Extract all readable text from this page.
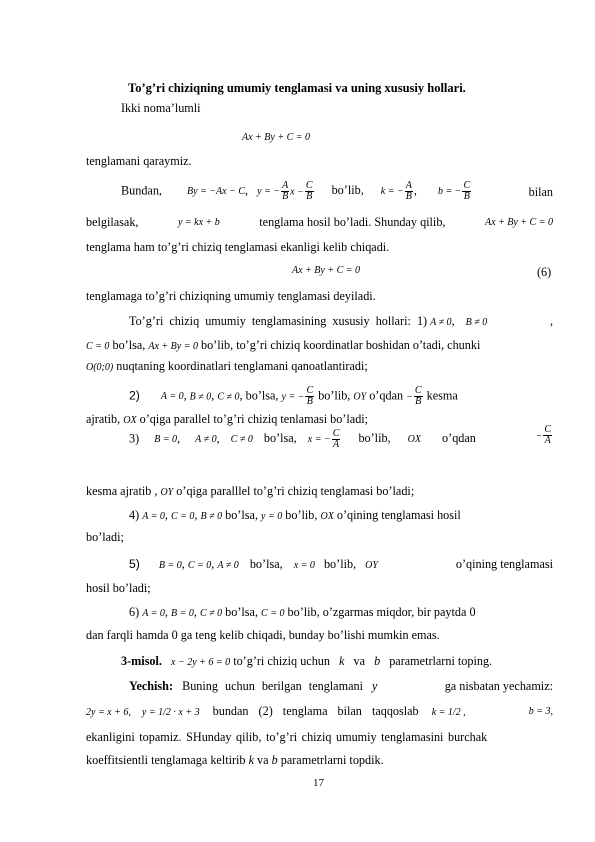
To’g’ri chiziqning umumiy tenglamasi va uning xususiy hollari.
Ikki noma’lumli
Ax + By + C = 0
tenglamani qaraymiz.
Bundan,	By = −Ax − C, y = − $\frac{A}{B}$ $x - \frac{C}{B}$ bo’lib, k = − $\frac{A}{B}$ , b = − $\frac{C}{B}$	bilan
belgilasak,	y = kx + b	tenglama hosil bo’ladi. Shunday qilib,	Ax + By + C = 0
tenglama ham to’g’ri chiziq tenglamasi ekanligi kelib chiqadi.
Ax + By + C = 0	(6)
tenglamaga to’g’ri chiziqning umumiy tenglamasi deyiladi.
To’g’ri chiziq umumiy tenglamasining xususiy hollari: 1) A ≠ 0, B ≠ 0	,
C = 0 bo’lsa, Ax + By = 0 bo’lib, to’g’ri chiziq koordinatlar boshidan o’tadi, chunki
O(0;0) nuqtaning koordinatlari tenglamani qanoatlantiradi;
2) A = 0, B ≠ 0, C ≠ 0, bo’lsa, y = − $\frac{C}{B}$ bo’lib, OY o’qdan − $\frac{C}{B}$ kesma
ajratib, OX o’qiga parallel to’g’ri chiziq tenlamasi bo’ladi;
3) B = 0, A ≠ 0, C ≠ 0 bo’lsa, x = − $\frac{C}{A}$ bo’lib, OX o’qdan	− $\frac{C}{A}$
kesma ajratib , OY o’qiga paralllel to’g’ri chiziq tenglamasi bo’ladi;
4) A = 0, C = 0, B ≠ 0 bo’lsa, y = 0 bo’lib, OX o’qining tenglamasi hosil
bo’ladi;
5) B = 0, C = 0, A ≠ 0 bo’lsa, x = 0 bo’lib, OY	o’qining tenglamasi
hosil bo’ladi;
6) A = 0, B = 0, C ≠ 0 bo’lsa, C = 0 bo’lib, o’zgarmas miqdor, bir paytda 0
dan farqli hamda 0 ga teng kelib chiqadi, bunday bo’lishi mumkin emas.
3-misol. x − 2y + 6 = 0 to’g’ri chiziq uchun k va b parametrlarni toping.
Yechish: Buning uchun berilgan tenglamani y	ga nisbatan yechamiz:
2y = x + 6, y = 1/2 · x + 3 bundan (2) tenglama bilan taqqoslab k = 1/2 ,	b = 3,
ekanligini topamiz. SHunday qilib, to’g’ri chiziq umumiy tenglamasini burchak
koeffitsientli tenglamaga keltirib k va b parametrlarni topdik.
17
